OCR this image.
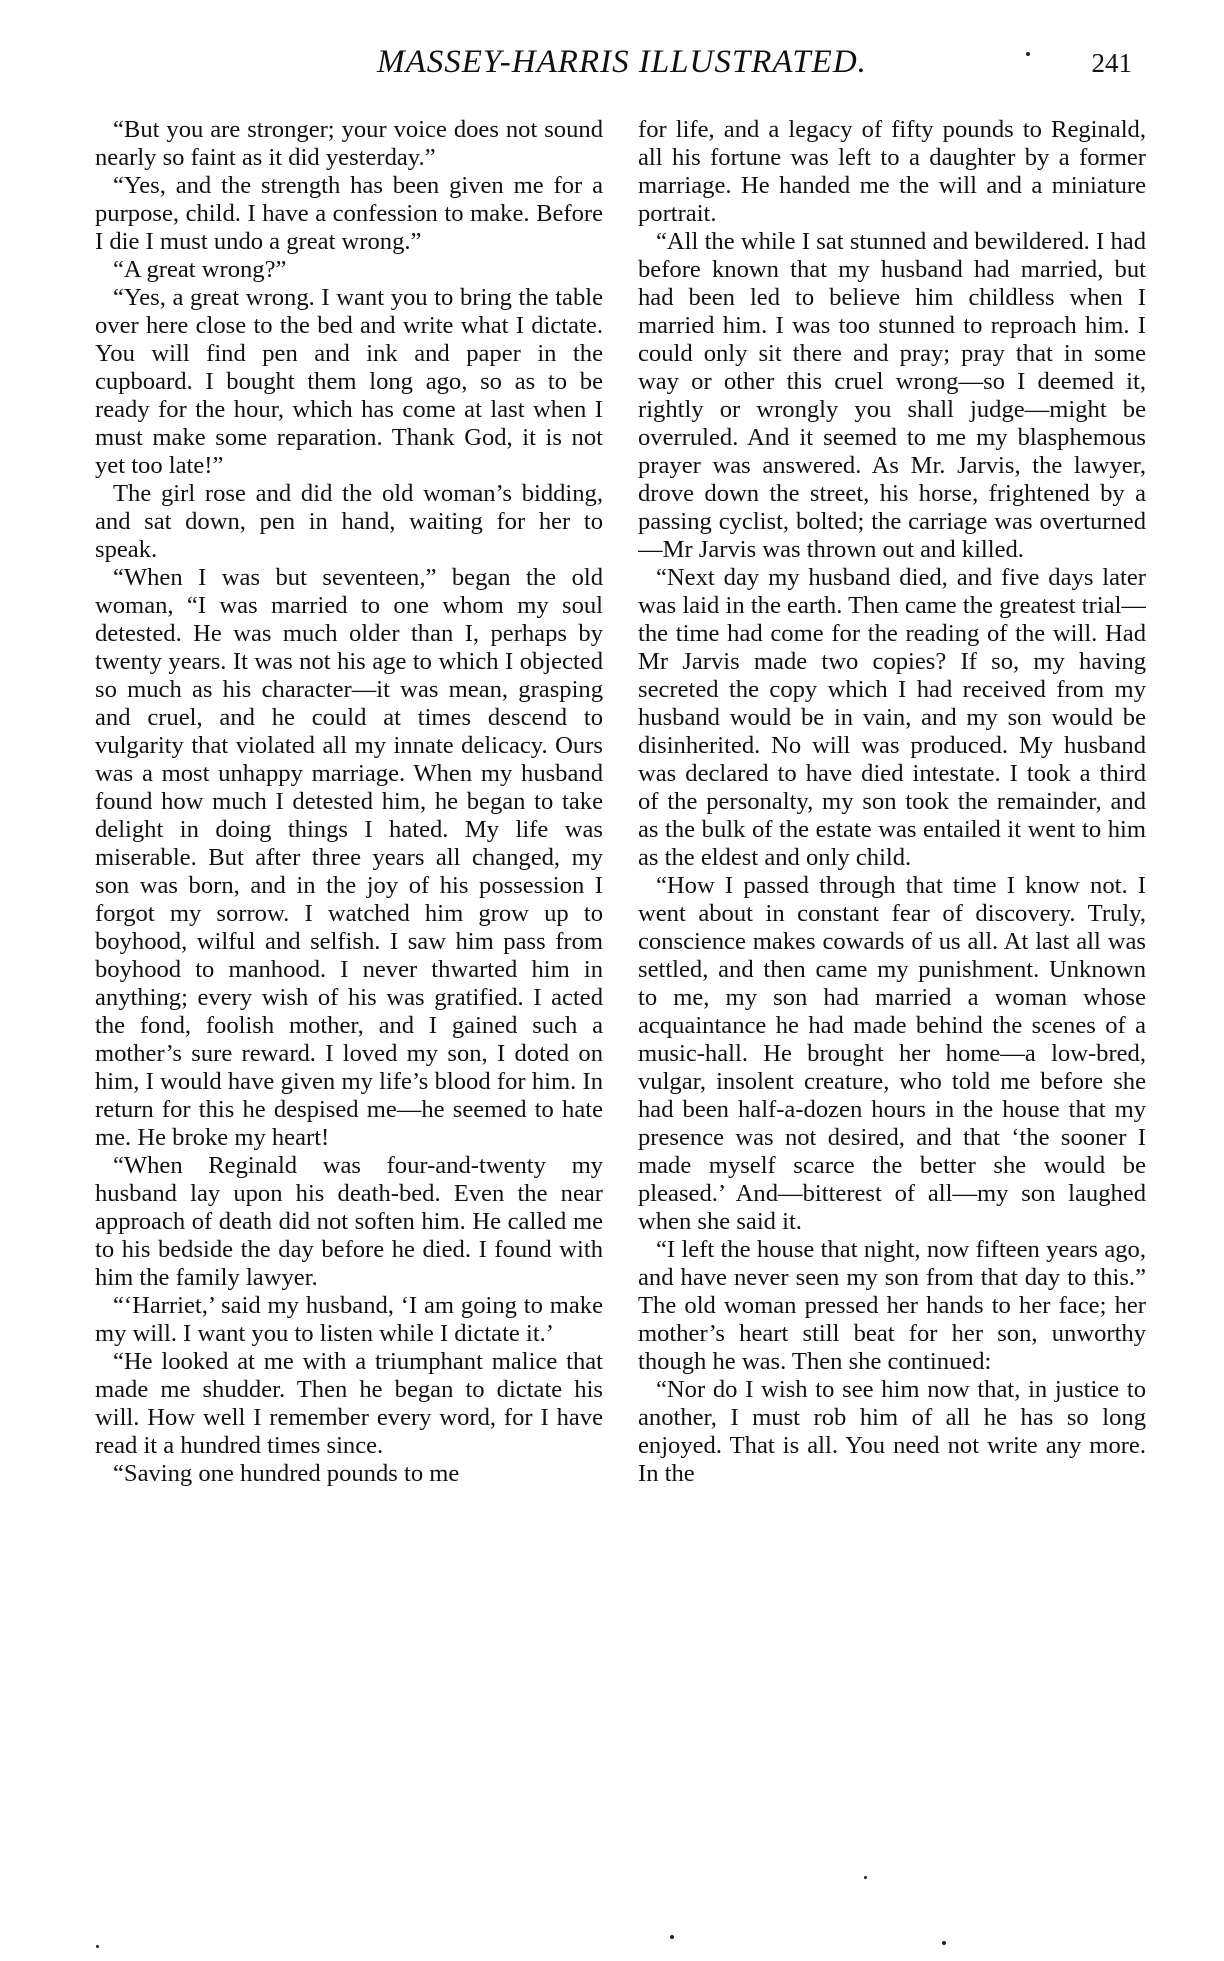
MASSEY-HARRIS ILLUSTRATED.	241

“But you are stronger; your voice does not sound nearly so faint as it did yesterday.”

“Yes, and the strength has been given me for a purpose, child. I have a confession to make. Before I die I must undo a great wrong.”

“A great wrong?”

“Yes, a great wrong. I want you to bring the table over here close to the bed and write what I dictate. You will find pen and ink and paper in the cupboard. I bought them long ago, so as to be ready for the hour, which has come at last when I must make some reparation. Thank God, it is not yet too late!”

The girl rose and did the old woman’s bidding, and sat down, pen in hand, waiting for her to speak.

“When I was but seventeen,” began the old woman, “I was married to one whom my soul detested. He was much older than I, perhaps by twenty years. It was not his age to which I objected so much as his character—it was mean, grasping and cruel, and he could at times descend to vulgarity that violated all my innate delicacy. Ours was a most unhappy marriage. When my husband found how much I detested him, he began to take delight in doing things I hated. My life was miserable. But after three years all changed, my son was born, and in the joy of his possession I forgot my sorrow. I watched him grow up to boyhood, wilful and selfish. I saw him pass from boyhood to manhood. I never thwarted him in anything; every wish of his was gratified. I acted the fond, foolish mother, and I gained such a mother’s sure reward. I loved my son, I doted on him, I would have given my life’s blood for him. In return for this he despised me—he seemed to hate me. He broke my heart!

“When Reginald was four-and-twenty my husband lay upon his death-bed. Even the near approach of death did not soften him. He called me to his bedside the day before he died. I found with him the family lawyer.

“‘Harriet,’ said my husband, ‘I am going to make my will. I want you to listen while I dictate it.’

“He looked at me with a triumphant malice that made me shudder. Then he began to dictate his will. How well I remember every word, for I have read it a hundred times since.

“Saving one hundred pounds to me

for life, and a legacy of fifty pounds to Reginald, all his fortune was left to a daughter by a former marriage. He handed me the will and a miniature portrait.

“All the while I sat stunned and bewildered. I had before known that my husband had married, but had been led to believe him childless when I married him. I was too stunned to reproach him. I could only sit there and pray; pray that in some way or other this cruel wrong—so I deemed it, rightly or wrongly you shall judge—might be overruled. And it seemed to me my blasphemous prayer was answered. As Mr. Jarvis, the lawyer, drove down the street, his horse, frightened by a passing cyclist, bolted; the carriage was overturned—Mr Jarvis was thrown out and killed.

“Next day my husband died, and five days later was laid in the earth. Then came the greatest trial—the time had come for the reading of the will. Had Mr Jarvis made two copies? If so, my having secreted the copy which I had received from my husband would be in vain, and my son would be disinherited. No will was produced. My husband was declared to have died intestate. I took a third of the personalty, my son took the remainder, and as the bulk of the estate was entailed it went to him as the eldest and only child.

“How I passed through that time I know not. I went about in constant fear of discovery. Truly, conscience makes cowards of us all. At last all was settled, and then came my punishment. Unknown to me, my son had married a woman whose acquaintance he had made behind the scenes of a music-hall. He brought her home—a low-bred, vulgar, insolent creature, who told me before she had been half-a-dozen hours in the house that my presence was not desired, and that ‘the sooner I made myself scarce the better she would be pleased.’ And—bitterest of all—my son laughed when she said it.

“I left the house that night, now fifteen years ago, and have never seen my son from that day to this.” The old woman pressed her hands to her face; her mother’s heart still beat for her son, unworthy though he was. Then she continued:

“Nor do I wish to see him now that, in justice to another, I must rob him of all he has so long enjoyed. That is all. You need not write any more. In the
